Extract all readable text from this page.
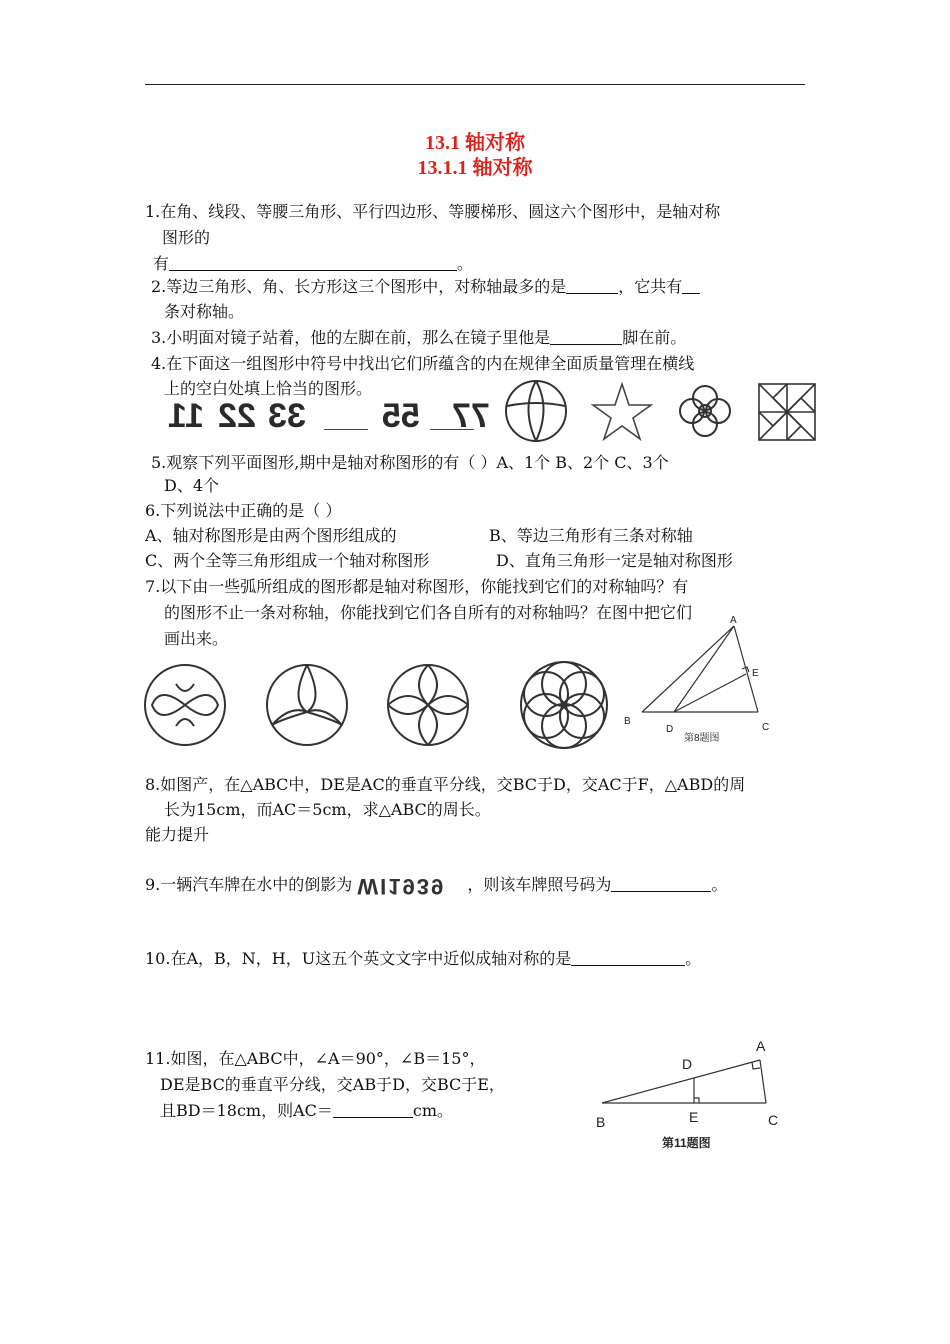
13.1 轴对称
13.1.1 轴对称
1.在角、线段、等腰三角形、平行四边形、等腰梯形、圆这六个图形中，是轴对称
图形的
有	。
2.等边三角形、角、长方形这三个图形中，对称轴最多的是	，它共有
条对称轴。
3.小明面对镜子站着，他的左脚在前，那么在镜子里他是	脚在前。
4.在下面这一组图形中符号中找出它们所蕴含的内在规律全面质量管理在横线
上的空白处填上恰当的图形。
11 22 33 55 77
5.观察下列平面图形,期中是轴对称图形的有（ ）A、1个 B、2个 C、3个
D、4个
6.下列说法中正确的是（ ）
A、轴对称图形是由两个图形组成的	B、等边三角形有三条对称轴
C、两个全等三角形组成一个轴对称图形	D、直角三角形一定是轴对称图形
7.以下由一些弧所组成的图形都是轴对称图形，你能找到它们的对称轴吗？有
的图形不止一条对称轴，你能找到它们各自所有的对称轴吗？在图中把它们
画出来。
A
B
C
D
E
第8题图
8.如图产，在△ABC中，DE是AC的垂直平分线，交BC于D，交AC于F，△ABD的周
长为15cm，而AC＝5cm，求△ABC的周长。
能力提升
9.一辆汽车牌在水中的倒影为 WI1939 ，则该车牌照号码为	。
10.在A，B，N，H，U这五个英文文字中近似成轴对称的是	。
11.如图，在△ABC中，∠A＝90°，∠B＝15°，
DE是BC的垂直平分线，交AB于D，交BC于E，
且BD＝18cm，则AC＝	cm。
A
B	C
D
E
第11题图
